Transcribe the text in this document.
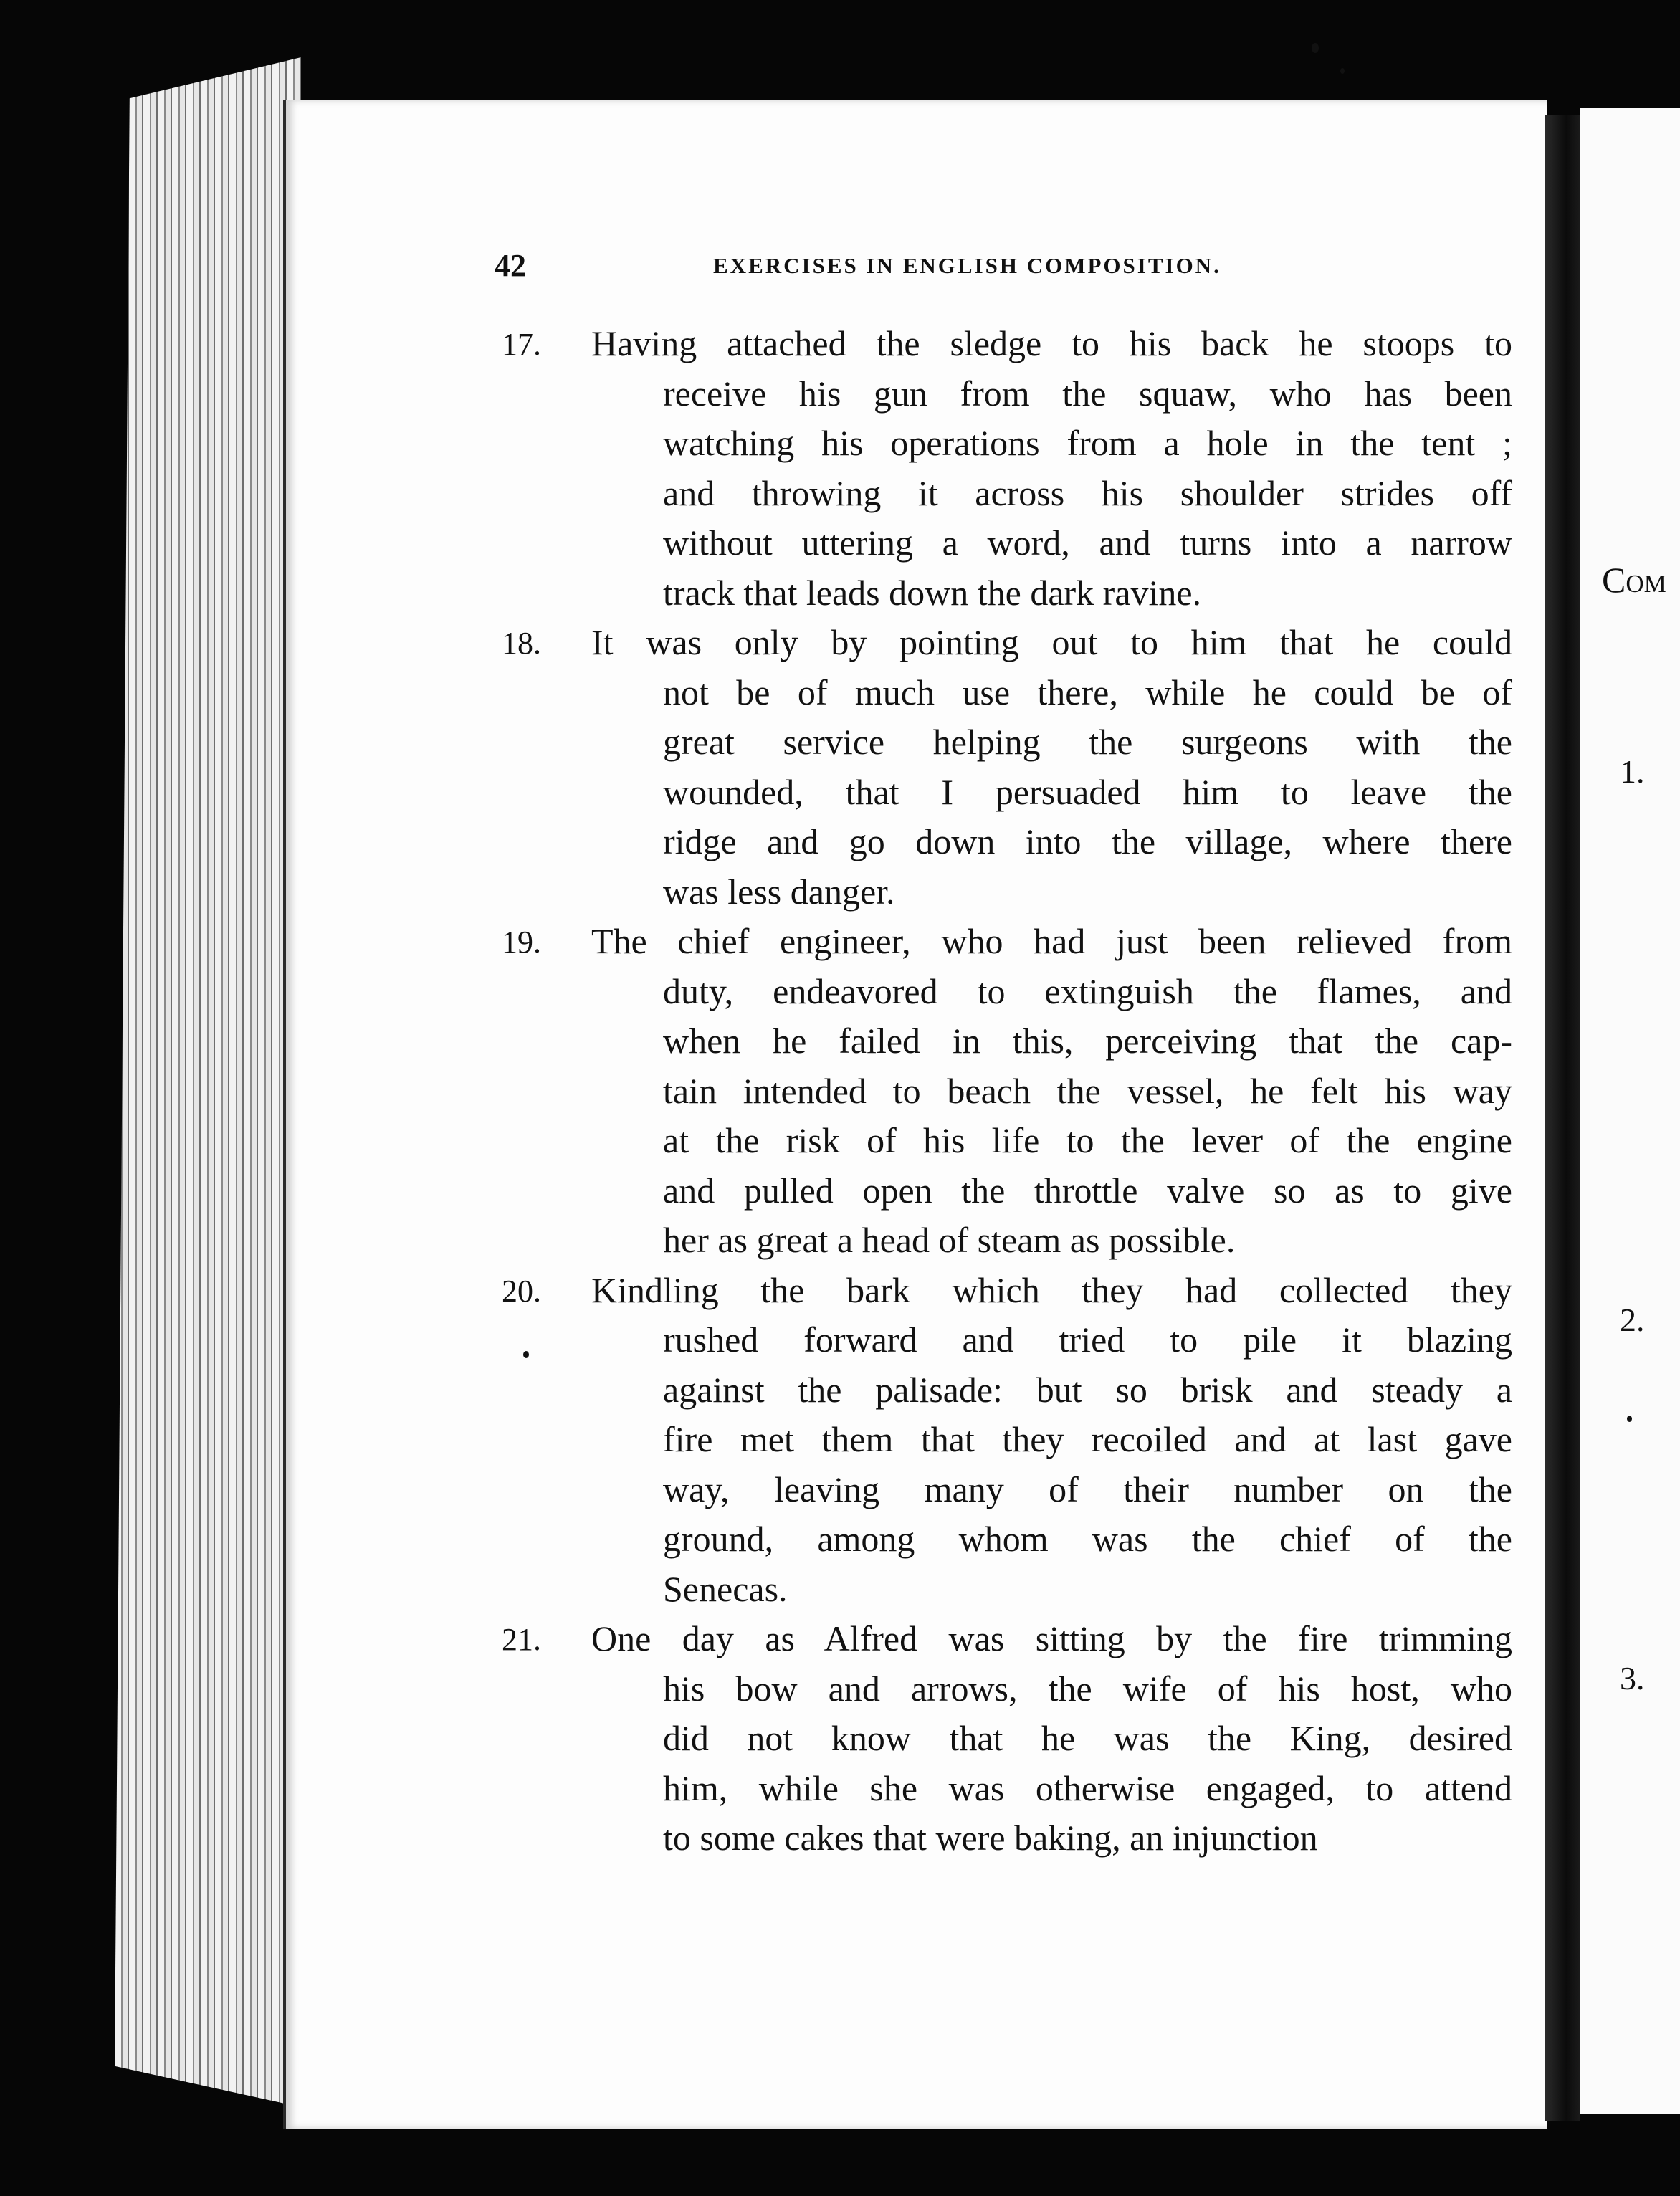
42	EXERCISES IN ENGLISH COMPOSITION.
17. Having attached the sledge to his back he stoops to
receive his gun from the squaw, who has been
watching his operations from a hole in the tent ;
and throwing it across his shoulder strides off
without uttering a word, and turns into a narrow
track that leads down the dark ravine.
18. It was only by pointing out to him that he could
not be of much use there, while he could be of
great service helping the surgeons with the
wounded, that I persuaded him to leave the
ridge and go down into the village, where there
was less danger.
19. The chief engineer, who had just been relieved from
duty, endeavored to extinguish the flames, and
when he failed in this, perceiving that the cap-
tain intended to beach the vessel, he felt his way
at the risk of his life to the lever of the engine
and pulled open the throttle valve so as to give
her as great a head of steam as possible.
20. Kindling the bark which they had collected they
rushed forward and tried to pile it blazing
against the palisade: but so brisk and steady a
fire met them that they recoiled and at last gave
way, leaving many of their number on the
ground, among whom was the chief of the
Senecas.
21. One day as Alfred was sitting by the fire trimming
his bow and arrows, the wife of his host, who
did not know that he was the King, desired
him, while she was otherwise engaged, to attend
to some cakes that were baking, an injunction
Com
1.
2.
3.
